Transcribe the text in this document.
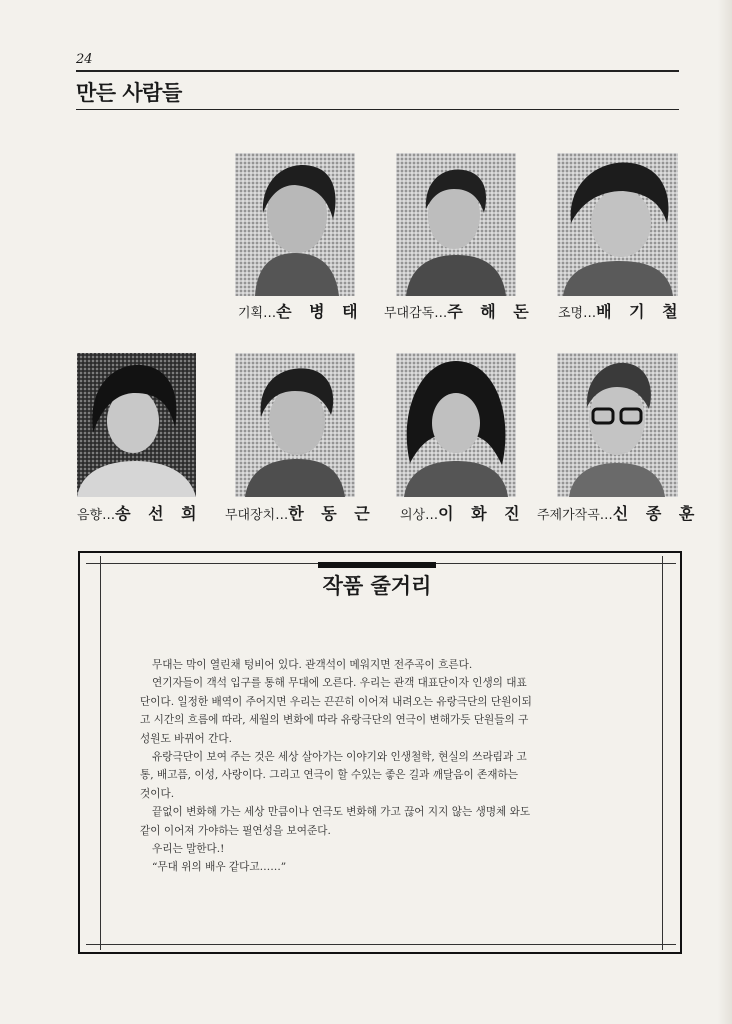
24
만든 사람들
기획…손 병 태 무대감독…주 해 돈 조명…배 기 철
음향…송 선 희 무대장치…한 동 근 의상…이 화 진 주제가작곡…신 종 훈
작품 줄거리

무대는 막이 열린채 텅비어 있다. 관객석이 메워지면 전주곡이 흐른다.

연기자들이 객석 입구를 통해 무대에 오른다. 우리는 관객 대표단이자 인생의 대표

단이다. 일정한 배역이 주어지면 우리는 끈끈히 이어져 내려오는 유랑극단의 단원이되

고 시간의 흐름에 따라, 세월의 변화에 따라 유랑극단의 연극이 변해가듯 단원들의 구

성원도 바뀌어 간다.

유랑극단이 보여 주는 것은 세상 살아가는 이야기와 인생철학, 현실의 쓰라림과 고

통, 배고픔, 이성, 사랑이다. 그리고 연극이 할 수있는 좋은 길과 깨달음이 존재하는

것이다.

끝없이 변화해 가는 세상 만큼이나 연극도 변화해 가고 끊어 지지 않는 생명체 와도

같이 이어져 가야하는 필연성을 보여준다.

우리는 말한다.!

“무대 위의 배우 같다고……”
